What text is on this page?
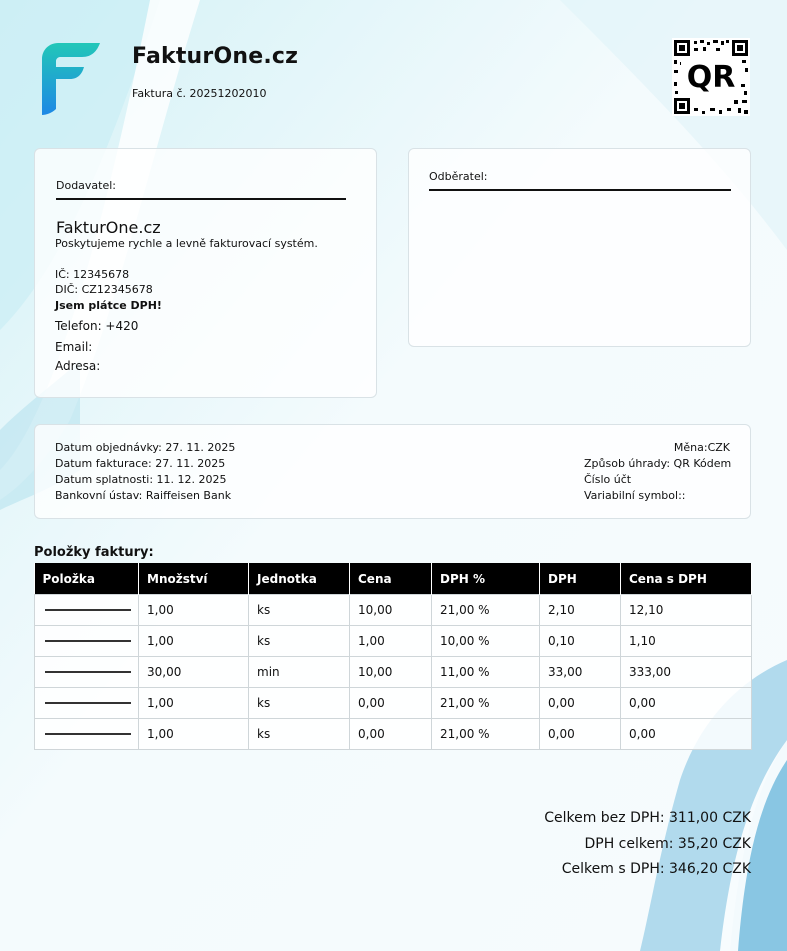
FakturOne.cz
Faktura č. 20251202010	QR
Dodavatel:
FakturOne.cz
Poskytujeme rychle a levně fakturovací systém.
IČ: 12345678
DIČ: CZ12345678
Jsem plátce DPH!
Telefon: +420
Email:
Adresa:
Odběratel:
Datum objednávky: 27. 11. 2025
Datum fakturace: 27. 11. 2025
Datum splatnosti: 11. 12. 2025
Bankovní ústav: Raiffeisen Bank
Měna:CZK
Způsob úhrady: QR Kódem
Číslo účt
Variabilní symbol::
Položky faktury:
Položka	Množství	Jednotka	Cena	DPH %	DPH	Cena s DPH

	1,00	ks	10,00	21,00 %	2,10	12,10

	1,00	ks	1,00	10,00 %	0,10	1,10

	30,00	min	10,00	11,00 %	33,00	333,00

	1,00	ks	0,00	21,00 %	0,00	0,00

	1,00	ks	0,00	21,00 %	0,00	0,00
Celkem bez DPH: 311,00 CZK
DPH celkem: 35,20 CZK
Celkem s DPH: 346,20 CZK
